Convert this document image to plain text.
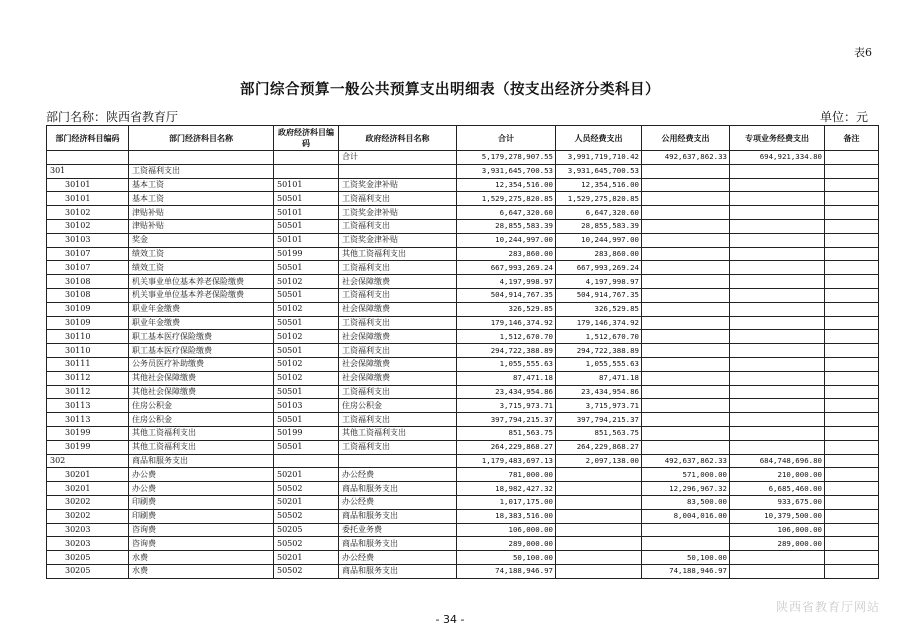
表6
部门综合预算一般公共预算支出明细表（按支出经济分类科目）
部门名称：陕西省教育厅	单位：元
部门经济科目编码	部门经济科目名称	政府经济科目编码	政府经济科目名称	合计	人员经费支出	公用经费支出	专项业务经费支出	备注
			合计	5,179,278,907.55	3,991,719,710.42	492,637,862.33	694,921,334.80	
301	工资福利支出			3,931,645,700.53	3,931,645,700.53			
30101	基本工资	50101	工资奖金津补贴	12,354,516.00	12,354,516.00			
30101	基本工资	50501	工资福利支出	1,529,275,820.85	1,529,275,820.85			
30102	津贴补贴	50101	工资奖金津补贴	6,647,320.60	6,647,320.60			
30102	津贴补贴	50501	工资福利支出	28,855,583.39	28,855,583.39			
30103	奖金	50101	工资奖金津补贴	10,244,997.00	10,244,997.00			
30107	绩效工资	50199	其他工资福利支出	283,860.00	283,860.00			
30107	绩效工资	50501	工资福利支出	667,993,269.24	667,993,269.24			
30108	机关事业单位基本养老保险缴费	50102	社会保障缴费	4,197,998.97	4,197,998.97			
30108	机关事业单位基本养老保险缴费	50501	工资福利支出	504,914,767.35	504,914,767.35			
30109	职业年金缴费	50102	社会保障缴费	326,529.85	326,529.85			
30109	职业年金缴费	50501	工资福利支出	179,146,374.92	179,146,374.92			
30110	职工基本医疗保险缴费	50102	社会保障缴费	1,512,670.70	1,512,670.70			
30110	职工基本医疗保险缴费	50501	工资福利支出	294,722,388.89	294,722,388.89			
30111	公务员医疗补助缴费	50102	社会保障缴费	1,055,555.63	1,055,555.63			
30112	其他社会保障缴费	50102	社会保障缴费	87,471.18	87,471.18			
30112	其他社会保障缴费	50501	工资福利支出	23,434,954.86	23,434,954.86			
30113	住房公积金	50103	住房公积金	3,715,973.71	3,715,973.71			
30113	住房公积金	50501	工资福利支出	397,794,215.37	397,794,215.37			
30199	其他工资福利支出	50199	其他工资福利支出	851,563.75	851,563.75			
30199	其他工资福利支出	50501	工资福利支出	264,229,868.27	264,229,868.27			
302	商品和服务支出			1,179,483,697.13	2,097,138.00	492,637,862.33	684,748,696.80	
30201	办公费	50201	办公经费	781,000.00		571,000.00	210,000.00	
30201	办公费	50502	商品和服务支出	18,982,427.32		12,296,967.32	6,685,460.00	
30202	印刷费	50201	办公经费	1,017,175.00		83,500.00	933,675.00	
30202	印刷费	50502	商品和服务支出	18,383,516.00		8,004,016.00	10,379,500.00	
30203	咨询费	50205	委托业务费	106,000.00			106,000.00	
30203	咨询费	50502	商品和服务支出	289,000.00			289,000.00	
30205	水费	50201	办公经费	50,100.00		50,100.00		
30205	水费	50502	商品和服务支出	74,188,946.97		74,188,946.97		
- 34 -
陕西省教育厅网站
